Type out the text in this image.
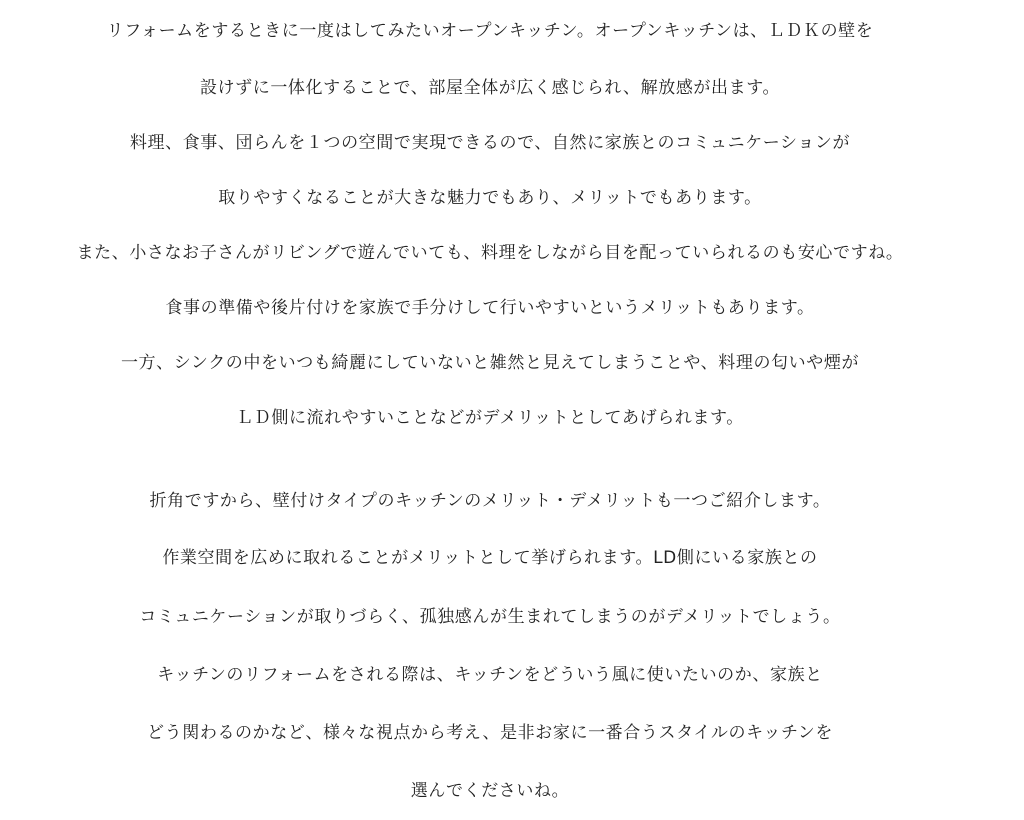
リフォームをするときに一度はしてみたいオープンキッチン。オープンキッチンは、ＬＤＫの壁を
設けずに一体化することで、部屋全体が広く感じられ、解放感が出ます。
料理、食事、団らんを１つの空間で実現できるので、自然に家族とのコミュニケーションが
取りやすくなることが大きな魅力でもあり、メリットでもあります。
また、小さなお子さんがリビングで遊んでいても、料理をしながら目を配っていられるのも安心ですね。
食事の準備や後片付けを家族で手分けして行いやすいというメリットもあります。
一方、シンクの中をいつも綺麗にしていないと雑然と見えてしまうことや、料理の匂いや煙が
ＬＤ側に流れやすいことなどがデメリットとしてあげられます。
折角ですから、壁付けタイプのキッチンのメリット・デメリットも一つご紹介します。
作業空間を広めに取れることがメリットとして挙げられます。LD側にいる家族との
コミュニケーションが取りづらく、孤独感んが生まれてしまうのがデメリットでしょう。
キッチンのリフォームをされる際は、キッチンをどういう風に使いたいのか、家族と
どう関わるのかなど、様々な視点から考え、是非お家に一番合うスタイルのキッチンを
選んでくださいね。
